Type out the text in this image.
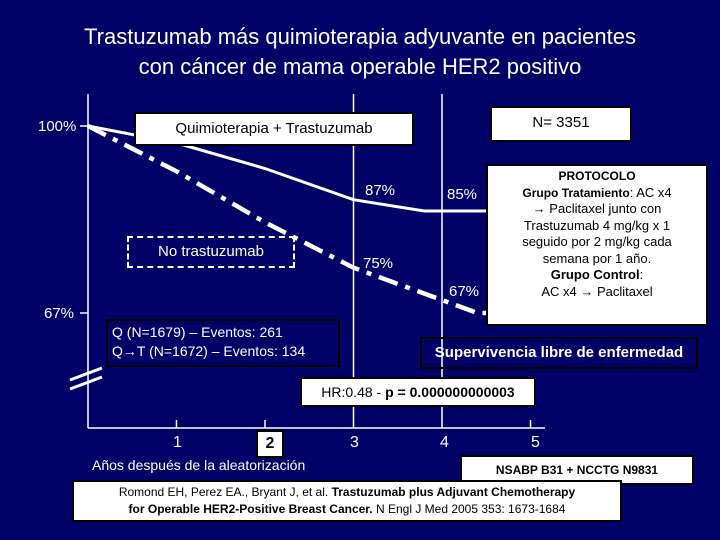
Trastuzumab más quimioterapia adyuvante en pacientes
con cáncer de mama operable HER2 positivo
100%
67%
N= 3351
Quimioterapia + Trastuzumab
No trastuzumab
87%	85%
75%
67%
PROTOCOLO
Grupo Tratamiento: AC x4
→ Paclitaxel junto con
Trastuzumab 4 mg/kg x 1
seguido por 2 mg/kg cada
semana por 1 año.
Grupo Control:
AC x4 → Paclitaxel
Q (N=1679) – Eventos: 261
Q→T (N=1672) – Eventos: 134	Supervivencia libre de enfermedad
HR:0.48 - p = 0.000000000003
1	2	3	4	5
Años después de la aleatorización	NSABP B31 + NCCTG N9831
Romond EH, Perez EA., Bryant J, et al. Trastuzumab plus Adjuvant Chemotherapy
for Operable HER2-Positive Breast Cancer. N Engl J Med 2005 353: 1673-1684
